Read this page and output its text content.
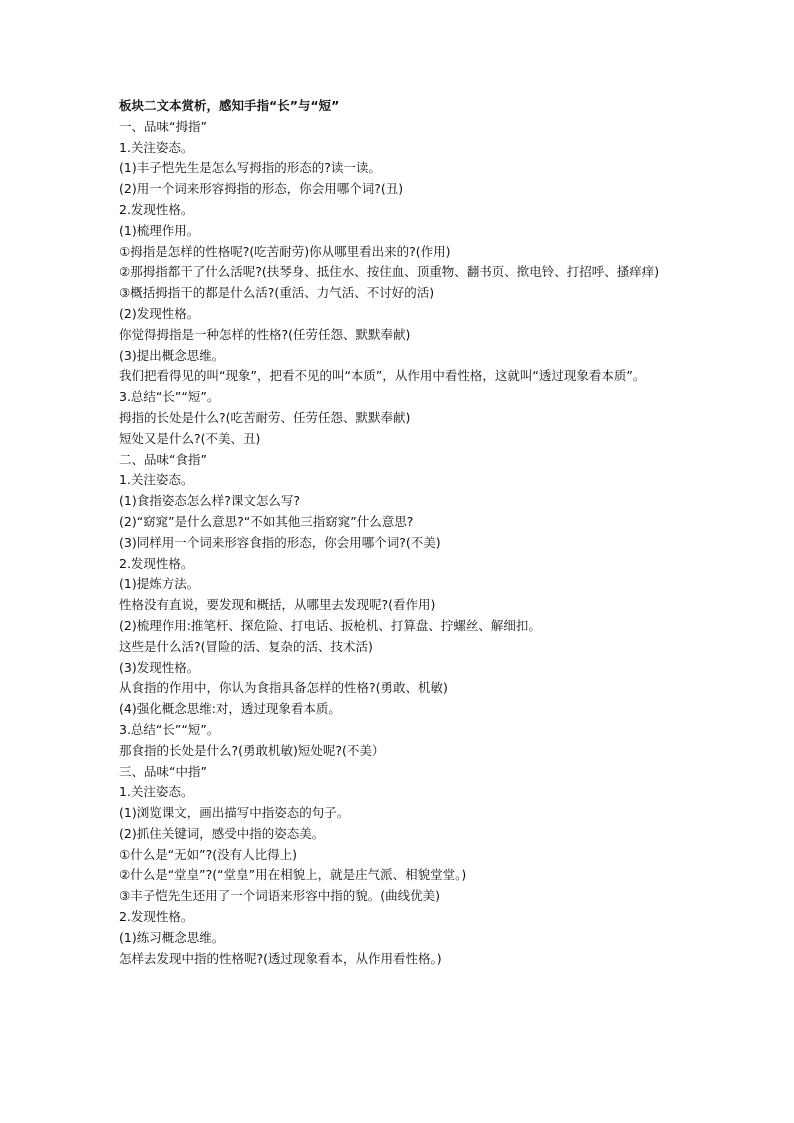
板块二文本赏析，感知手指“长”与“短”
一、品味“拇指”
1.关注姿态。
(1)丰子恺先生是怎么写拇指的形态的?读一读。
(2)用一个词来形容拇指的形态，你会用哪个词?(丑)
2.发现性格。
(1)梳理作用。
①拇指是怎样的性格呢?(吃苦耐劳)你从哪里看出来的?(作用)
②那拇指都干了什么活呢?(扶琴身、抵住水、按住血、顶重物、翻书页、揿电铃、打招呼、搔痒痒)
③概括拇指干的都是什么活?(重活、力气活、不讨好的活)
(2)发现性格。
你觉得拇指是一种怎样的性格?(任劳任怨、默默奉献)
(3)提出概念思维。
我们把看得见的叫“现象”，把看不见的叫“本质”，从作用中看性格，这就叫“透过现象看本质”。
3.总结“长”“短”。
拇指的长处是什么?(吃苦耐劳、任劳任怨、默默奉献)
短处又是什么?(不美、丑)
二、品味“食指”
1.关注姿态。
(1)食指姿态怎么样?课文怎么写?
(2)“窈窕”是什么意思?“不如其他三指窈窕”什么意思?
(3)同样用一个词来形容食指的形态，你会用哪个词?(不美)
2.发现性格。
(1)提炼方法。
性格没有直说，要发现和概括，从哪里去发现呢?(看作用)
(2)梳理作用:推笔杆、探危险、打电话、扳枪机、打算盘、拧螺丝、解细扣。
这些是什么活?(冒险的活、复杂的活、技术活)
(3)发现性格。
从食指的作用中，你认为食指具备怎样的性格?(勇敢、机敏)
(4)强化概念思维:对，透过现象看本质。
3.总结“长”“短”。
那食指的长处是什么?(勇敢机敏)短处呢?(不美）
三、品味“中指”
1.关注姿态。
(1)浏览课文，画出描写中指姿态的句子。
(2)抓住关键词，感受中指的姿态美。
①什么是“无如”?(没有人比得上)
②什么是“堂皇”?(“堂皇”用在相貌上，就是庄气派、相貌堂堂。)
③丰子恺先生还用了一个词语来形容中指的貌。(曲线优美)
2.发现性格。
(1)练习概念思维。
怎样去发现中指的性格呢?(透过现象看本，从作用看性格。)
